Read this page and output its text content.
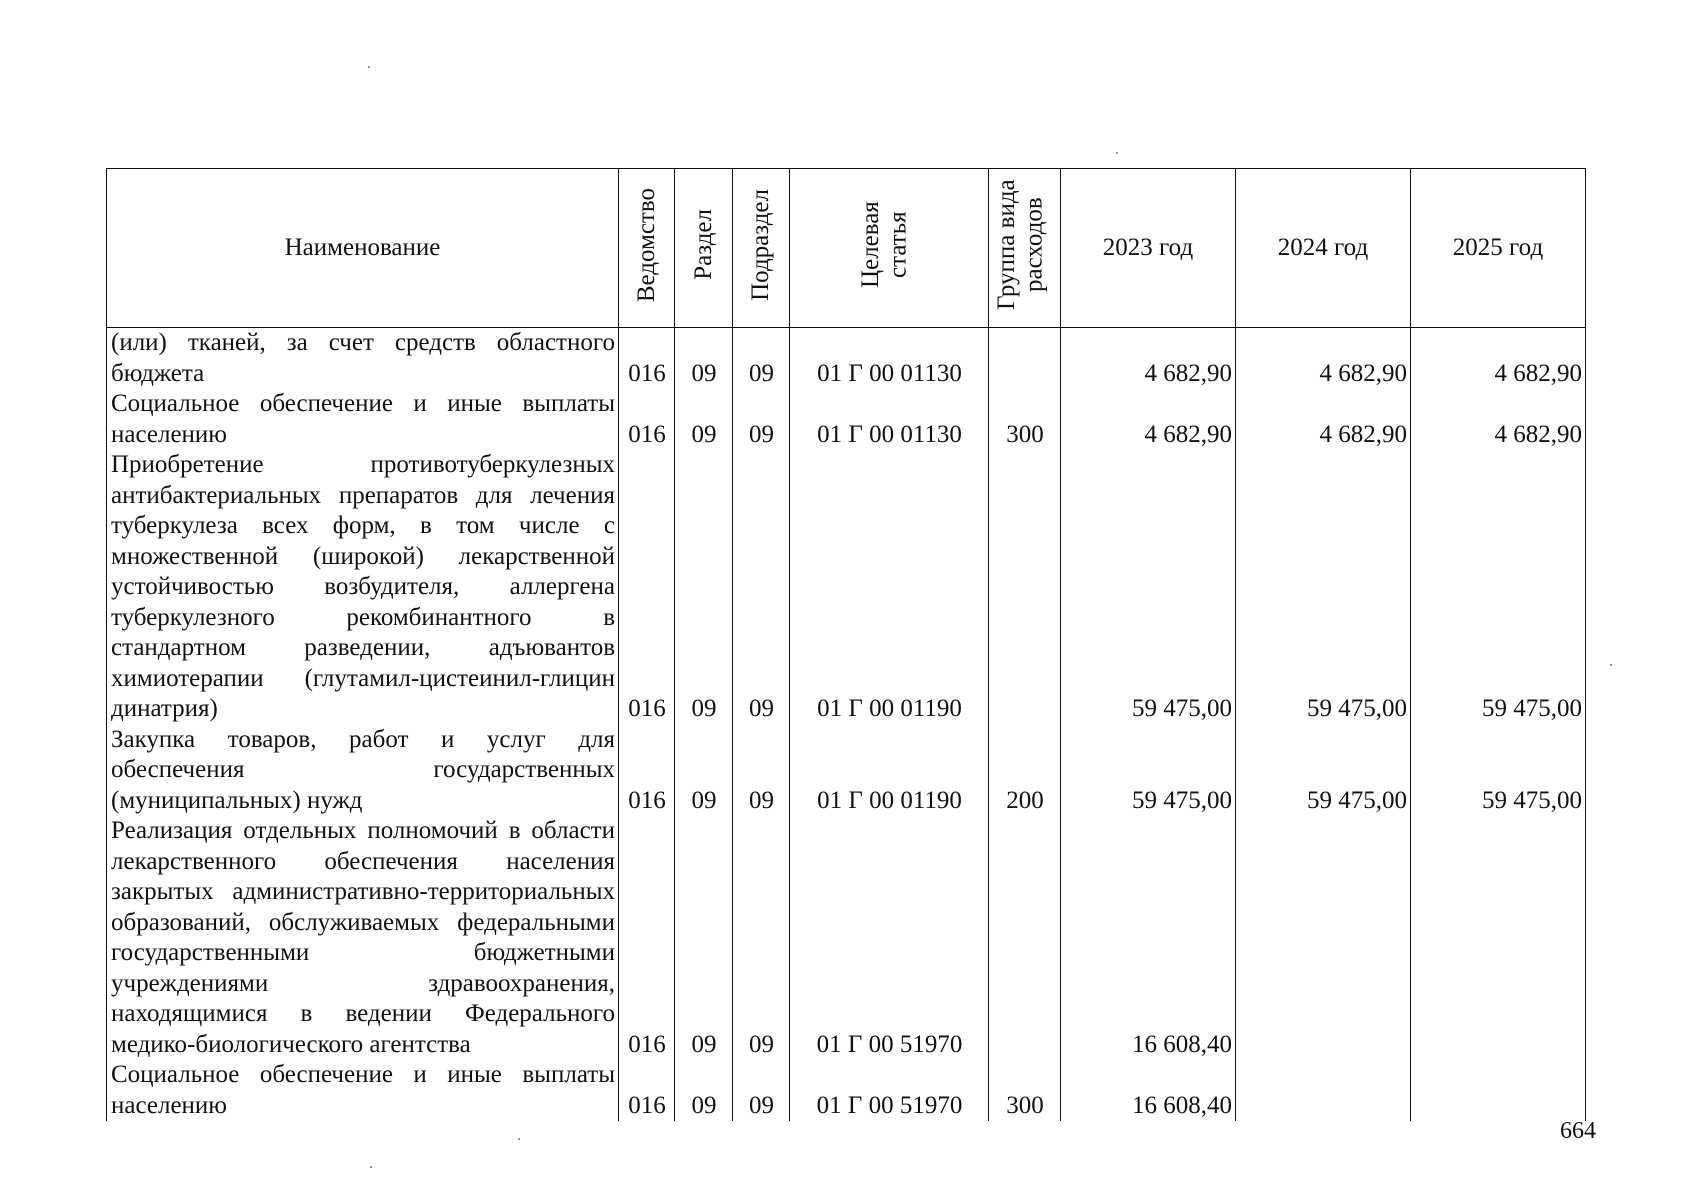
Наименование	Ведомство	Раздел	Подраздел	Целевая статья	Группа вида расходов	2023 год	2024 год	2025 год
(или) тканей, за счет средств областного бюджета	016	09	09	01 Г 00 01130		4 682,90	4 682,90	4 682,90
Социальное обеспечение и иные выплаты населению	016	09	09	01 Г 00 01130	300	4 682,90	4 682,90	4 682,90
Приобретение противотуберкулезных антибактериальных препаратов для лечения туберкулеза всех форм, в том числе с множественной (широкой) лекарственной устойчивостью возбудителя, аллергена туберкулезного рекомбинантного в стандартном разведении, адъювантов химиотерапии (глутамил-цистеинил-глицин динатрия)	016	09	09	01 Г 00 01190		59 475,00	59 475,00	59 475,00
Закупка товаров, работ и услуг для обеспечения государственных (муниципальных) нужд	016	09	09	01 Г 00 01190	200	59 475,00	59 475,00	59 475,00
Реализация отдельных полномочий в области лекарственного обеспечения населения закрытых административно-территориальных образований, обслуживаемых федеральными государственными бюджетными учреждениями здравоохранения, находящимися в ведении Федерального медико-биологического агентства	016	09	09	01 Г 00 51970		16 608,40		
Социальное обеспечение и иные выплаты населению	016	09	09	01 Г 00 51970	300	16 608,40		
664
